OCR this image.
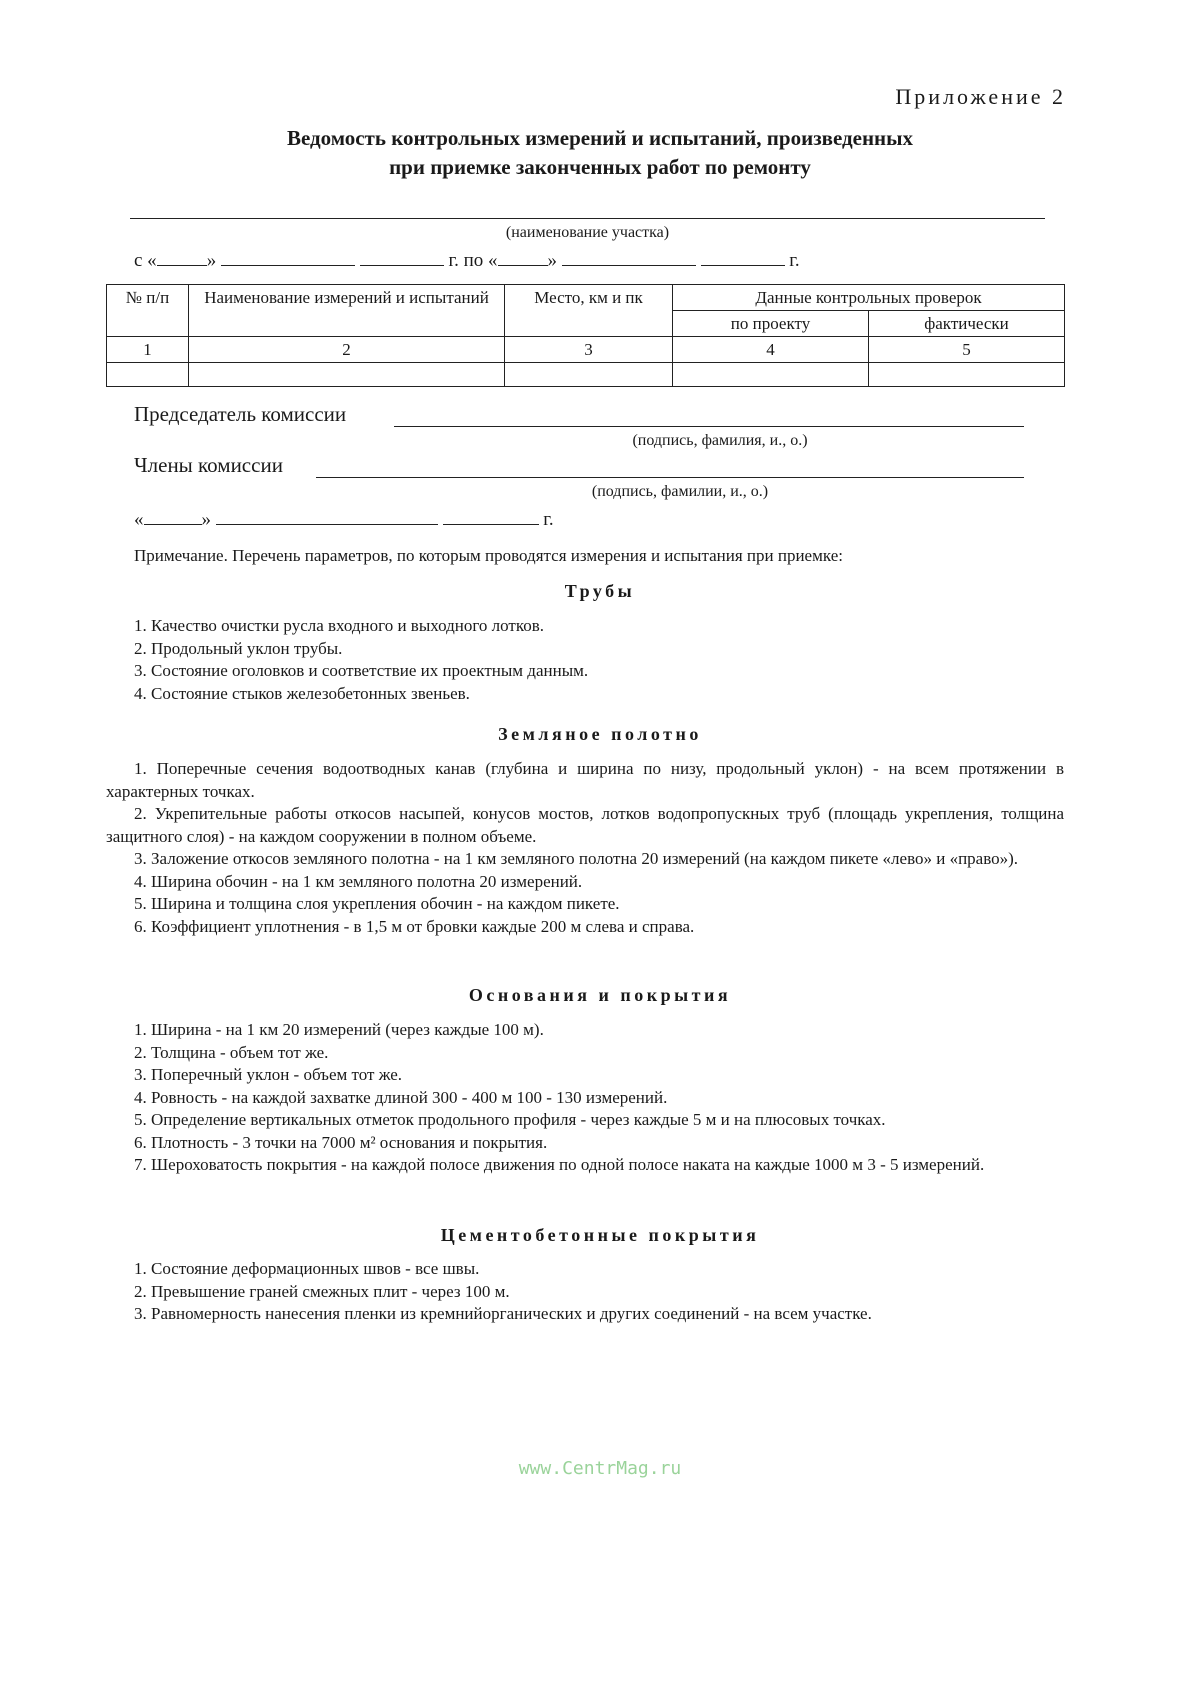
Приложение 2
Ведомость контрольных измерений и испытаний, произведенных
при приемке законченных работ по ремонту
(наименование участка)
с «	»	г. по «	»	г.
№ п/п	Наименование измерений и испытаний	Место, км и пк	Данные контрольных проверок	
			по проекту	фактически
1	2	3	4	5

Председатель комиссии
(подпись, фамилия, и., о.)
Члены комиссии
(подпись, фамилии, и., о.)
«	»	г.
Примечание. Перечень параметров, по которым проводятся измерения и испытания при приемке:
Трубы
1. Качество очистки русла входного и выходного лотков.
2. Продольный уклон трубы.
3. Состояние оголовков и соответствие их проектным данным.
4. Состояние стыков железобетонных звеньев.
Земляное полотно
1. Поперечные сечения водоотводных канав (глубина и ширина по низу, продольный уклон) - на всем протяжении в характерных точках.
2. Укрепительные работы откосов насыпей, конусов мостов, лотков водопропускных труб (площадь укрепления, толщина защитного слоя) - на каждом сооружении в полном объеме.
3. Заложение откосов земляного полотна - на 1 км земляного полотна 20 измерений (на каждом пикете «лево» и «право»).
4. Ширина обочин - на 1 км земляного полотна 20 измерений.
5. Ширина и толщина слоя укрепления обочин - на каждом пикете.
6. Коэффициент уплотнения - в 1,5 м от бровки каждые 200 м слева и справа.
Основания и покрытия
1. Ширина - на 1 км 20 измерений (через каждые 100 м).
2. Толщина - объем тот же.
3. Поперечный уклон - объем тот же.
4. Ровность - на каждой захватке длиной 300 - 400 м 100 - 130 измерений.
5. Определение вертикальных отметок продольного профиля - через каждые 5 м и на плюсовых точках.
6. Плотность - 3 точки на 7000 м² основания и покрытия.
7. Шероховатость покрытия - на каждой полосе движения по одной полосе наката на каждые 1000 м 3 - 5 измерений.
Цементобетонные покрытия
1. Состояние деформационных швов - все швы.
2. Превышение граней смежных плит - через 100 м.
3. Равномерность нанесения пленки из кремнийорганических и других соединений - на всем участке.
www.CentrMag.ru
